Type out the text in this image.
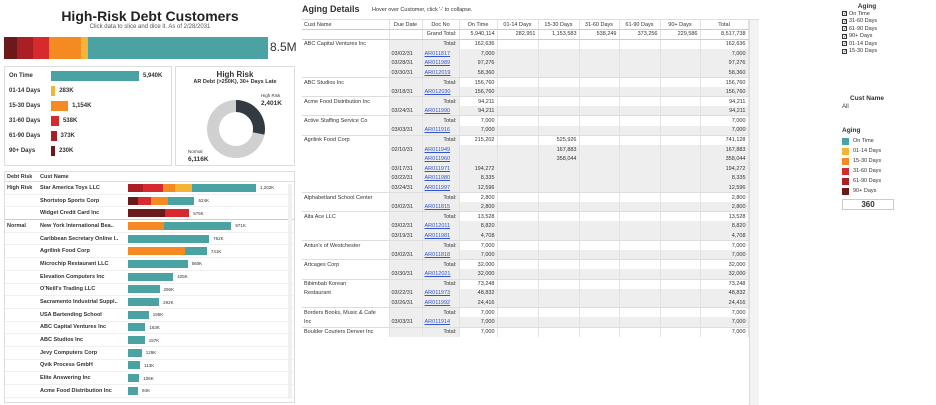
High-Risk Debt Customers
Click data to slice and dice it. As of 2/28/2031
8.5M
On Time	5,940K
01-14 Days	283K
15-30 Days	1,154K
31-60 Days	538K
61-90 Days	373K
90+ Days	230K
High Risk
AR Debt (>250K), 30+ Days Late
High Risk
2,401K
Normal
6,116K
Debt Risk	Cust Name
High Risk	Star America Toys LLC	1,202K
Shortstop Sports Corp	624K
Widget Credit Card Inc	575K
Normal	New York International Bea..	971K
Caribbean Secretary Online I..	762K
Agrilink Food Corp	741K
Microchip Restaurant LLC	560K
Elevation Computers Inc	425K
O'Neill's Trading LLC	296K
Sacramento Industrial Suppl..	292K
USA Bartending School	195K
ABC Capital Ventures Inc	163K
ABC Studios Inc	157K
Jevy Computers Corp	129K
Qvik Process GmbH	113K
Elite Answering Inc	106K
Acme Food Distribution Inc	94K
Aging Details Hover over Customer, click '-' to collapse.
Cust Name	Due Date	Doc No	On Time	01-14 Days	15-30 Days	31-60 Days	61-90 Days	90+ Days	Total
		Grand Total:	5,940,114	282,951	1,153,583	538,249	373,256	229,586	8,517,738
ABC Capital Ventures Inc		Total:	162,636						162,636
	03/02/31	AR011817	7,000						7,000
	03/28/31	AR011989	97,276						97,276
	03/30/31	AR012019	58,360						58,360
ABC Studios Inc		Total:	156,760						156,760
	03/18/31	AR012030	156,760						156,760
Acme Food Distribution Inc		Total:	94,211						94,211
	03/24/31	AR011990	94,211						94,211
Active Staffing Service Co		Total:	7,000						7,000
	03/03/31	AR011916	7,000						7,000
Agrilink Food Corp		Total:	215,202		525,926				741,128
	02/10/31	AR011949			167,883				167,883
		AR011960			358,044				358,044
	03/17/31	AR011971	194,272						194,272
	03/22/31	AR011980	8,335						8,335
	03/24/31	AR011997	12,596						12,596
Alphabetland School Center		Total:	2,800						2,800
	03/02/31	AR011815	2,800						2,800
Alta Ace LLC		Total:	13,528						13,528
	03/02/31	AR012011	8,820						8,820
	03/19/31	AR011981	4,708						4,708
Antun's of Westchester		Total:	7,000						7,000
	03/02/31	AR011818	7,000						7,000
Artcages Corp		Total:	32,000						32,000
	03/30/31	AR012021	32,000						32,000
Bibimbab Korean		Total:	73,248						73,248
Restaurant	03/22/31	AR011973	48,832						48,832
	03/26/31	AR011992	24,416						24,416
Borders Books, Music & Cafe		Total:	7,000						7,000
Inc	03/03/31	AR011914	7,000						7,000
Boulder Couriers Denver Inc		Total:	7,000						7,000
Aging
✓ On Time
✓ 31-60 Days
✓ 61-90 Days
✓ 90+ Days
✓ 01-14 Days
✓ 15-30 Days
Cust Name
All
Aging
On Time
01-14 Days
15-30 Days
31-60 Days
61-90 Days
90+ Days
360
